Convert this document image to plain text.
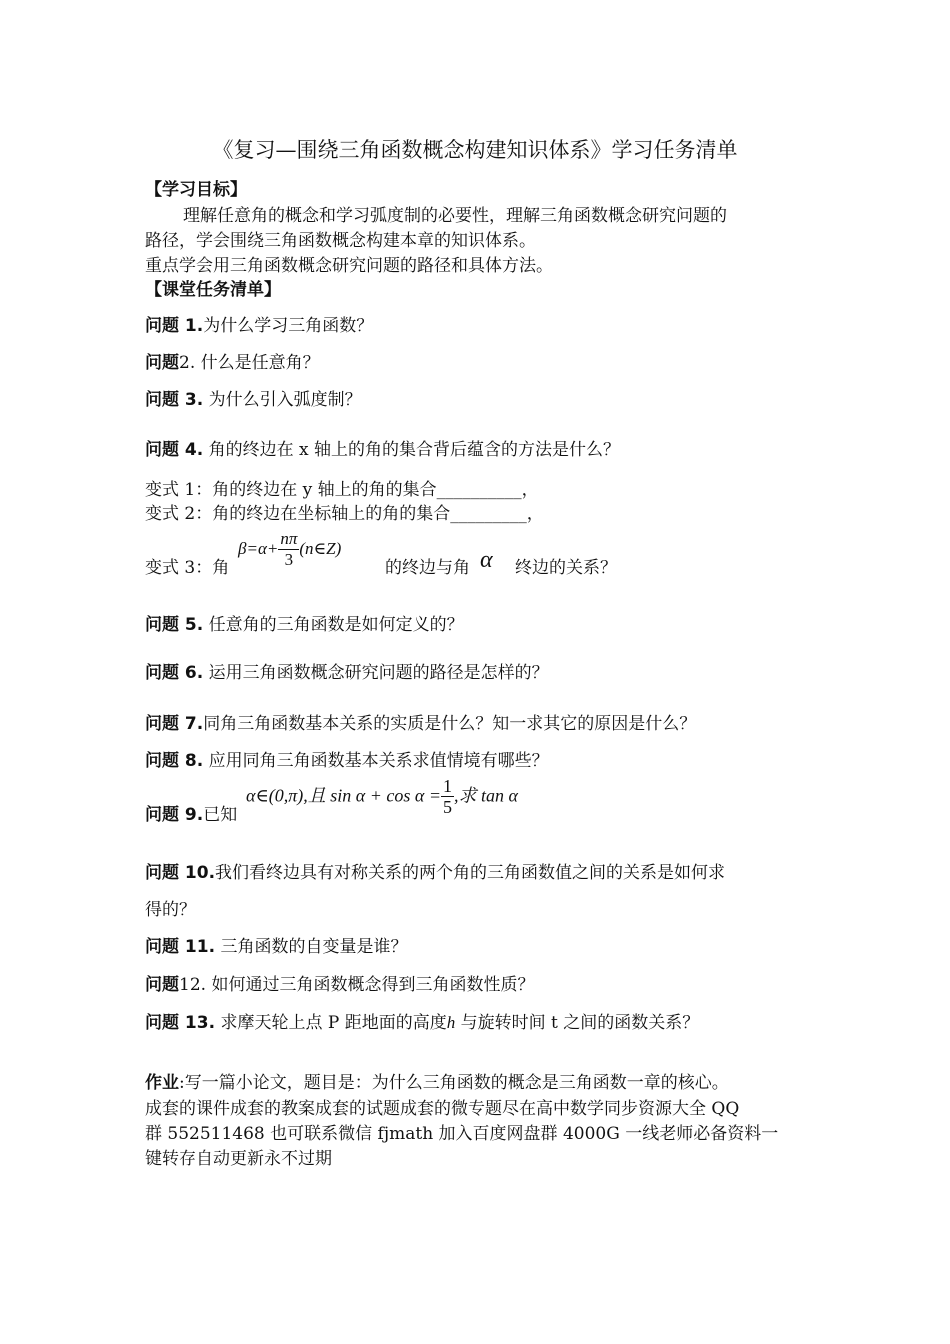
《复习—围绕三角函数概念构建知识体系》学习任务清单
【学习目标】
理解任意角的概念和学习弧度制的必要性，理解三角函数概念研究问题的
路径，学会围绕三角函数概念构建本章的知识体系。
重点学会用三角函数概念研究问题的路径和具体方法。
【课堂任务清单】
问题 1.为什么学习三角函数？
问题2. 什么是任意角？
问题 3. 为什么引入弧度制？
问题 4. 角的终边在 x 轴上的角的集合背后蕴含的方法是什么？
变式 1：角的终边在 y 轴上的角的集合__________，
变式 2：角的终边在坐标轴上的角的集合_________，
变式 3：角
$\beta=\alpha+ \frac{n\pi}{3}$ (n∈Z)
的终边与角 α 终边的关系？
问题 5. 任意角的三角函数是如何定义的？
问题 6. 运用三角函数概念研究问题的路径是怎样的？
问题 7.同角三角函数基本关系的实质是什么？知一求其它的原因是什么？
问题 8. 应用同角三角函数基本关系求值情境有哪些？
问题 9.已知
α∈(0,π),且 $\sin \alpha + \cos \alpha = \frac{1}{5}$ ,求 tan α
问题 10.我们看终边具有对称关系的两个角的三角函数值之间的关系是如何求
得的？
问题 11. 三角函数的自变量是谁？
问题12. 如何通过三角函数概念得到三角函数性质？
问题 13. 求摩天轮上点 P 距地面的高度h 与旋转时间 t 之间的函数关系？
作业:写一篇小论文，题目是：为什么三角函数的概念是三角函数一章的核心。
成套的课件成套的教案成套的试题成套的微专题尽在高中数学同步资源大全 QQ
群 552511468 也可联系微信 fjmath 加入百度网盘群 4000G 一线老师必备资料一
键转存自动更新永不过期
